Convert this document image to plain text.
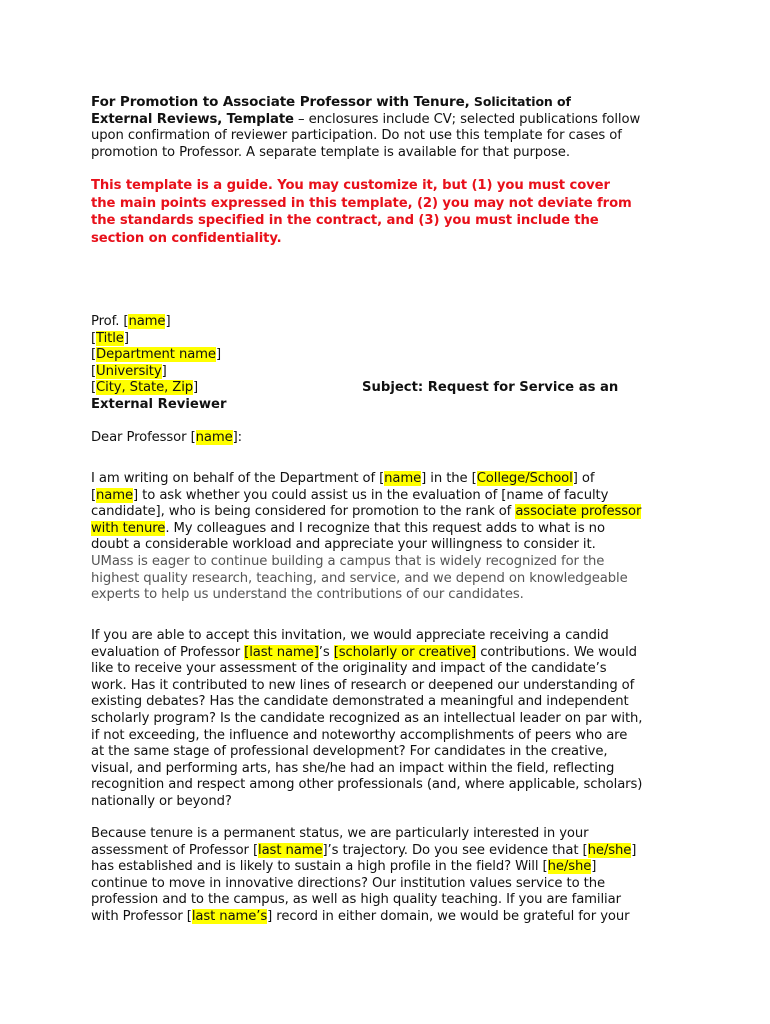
For Promotion to Associate Professor with Tenure, Solicitation of
External Reviews, Template – enclosures include CV; selected publications follow
upon confirmation of reviewer participation. Do not use this template for cases of
promotion to Professor. A separate template is available for that purpose.
This template is a guide. You may customize it, but (1) you must cover
the main points expressed in this template, (2) you may not deviate from
the standards specified in the contract, and (3) you must include the
section on confidentiality.
Prof. [name]
[Title]
[Department name]
[University]
[City, State, Zip]	Subject: Request for Service as an
External Reviewer
Dear Professor [name]:
I am writing on behalf of the Department of [name] in the [College/School] of
[name] to ask whether you could assist us in the evaluation of [name of faculty
candidate], who is being considered for promotion to the rank of associate professor
with tenure. My colleagues and I recognize that this request adds to what is no
doubt a considerable workload and appreciate your willingness to consider it.
UMass is eager to continue building a campus that is widely recognized for the
highest quality research, teaching, and service, and we depend on knowledgeable
experts to help us understand the contributions of our candidates.
If you are able to accept this invitation, we would appreciate receiving a candid
evaluation of Professor [last name]’s [scholarly or creative] contributions. We would
like to receive your assessment of the originality and impact of the candidate’s
work. Has it contributed to new lines of research or deepened our understanding of
existing debates? Has the candidate demonstrated a meaningful and independent
scholarly program? Is the candidate recognized as an intellectual leader on par with,
if not exceeding, the influence and noteworthy accomplishments of peers who are
at the same stage of professional development? For candidates in the creative,
visual, and performing arts, has she/he had an impact within the field, reflecting
recognition and respect among other professionals (and, where applicable, scholars)
nationally or beyond?
Because tenure is a permanent status, we are particularly interested in your
assessment of Professor [last name]’s trajectory. Do you see evidence that [he/she]
has established and is likely to sustain a high profile in the field? Will [he/she]
continue to move in innovative directions? Our institution values service to the
profession and to the campus, as well as high quality teaching. If you are familiar
with Professor [last name’s] record in either domain, we would be grateful for your
